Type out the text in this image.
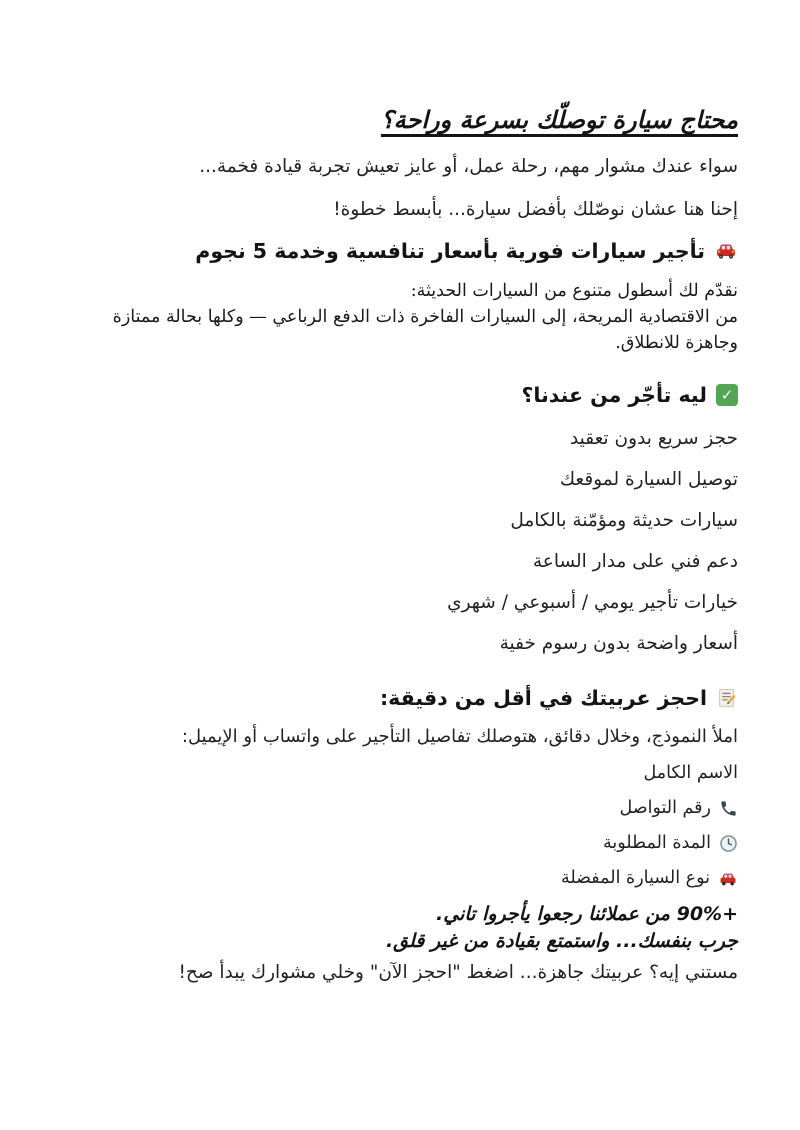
محتاج سيارة توصلّك بسرعة وراحة؟

سواء عندك مشوار مهم، رحلة عمل، أو عايز تعيش تجربة قيادة فخمة...

إحنا هنا عشان نوصّلك بأفضل سيارة... بأبسط خطوة!

تأجير سيارات فورية بأسعار تنافسية وخدمة 5 نجوم

نقدّم لك أسطول متنوع من السيارات الحديثة:

من الاقتصادية المريحة، إلى السيارات الفاخرة ذات الدفع الرباعي — وكلها بحالة ممتازة وجاهزة للانطلاق.

✓
ليه تأجّر من عندنا؟

حجز سريع بدون تعقيد

توصيل السيارة لموقعك

سيارات حديثة ومؤمّنة بالكامل

دعم فني على مدار الساعة

خيارات تأجير يومي / أسبوعي / شهري

أسعار واضحة بدون رسوم خفية

احجز عربيتك في أقل من دقيقة:

املأ النموذج، وخلال دقائق، هتوصلك تفاصيل التأجير على واتساب أو الإيميل:

الاسم الكامل
رقم التواصل
المدة المطلوبة
نوع السيارة المفضلة

+90% من عملائنا رجعوا يأجروا تاني.

جرب بنفسك... واستمتع بقيادة من غير قلق.

مستني إيه؟ عربيتك جاهزة... اضغط "احجز الآن" وخلي مشوارك يبدأ صح!
